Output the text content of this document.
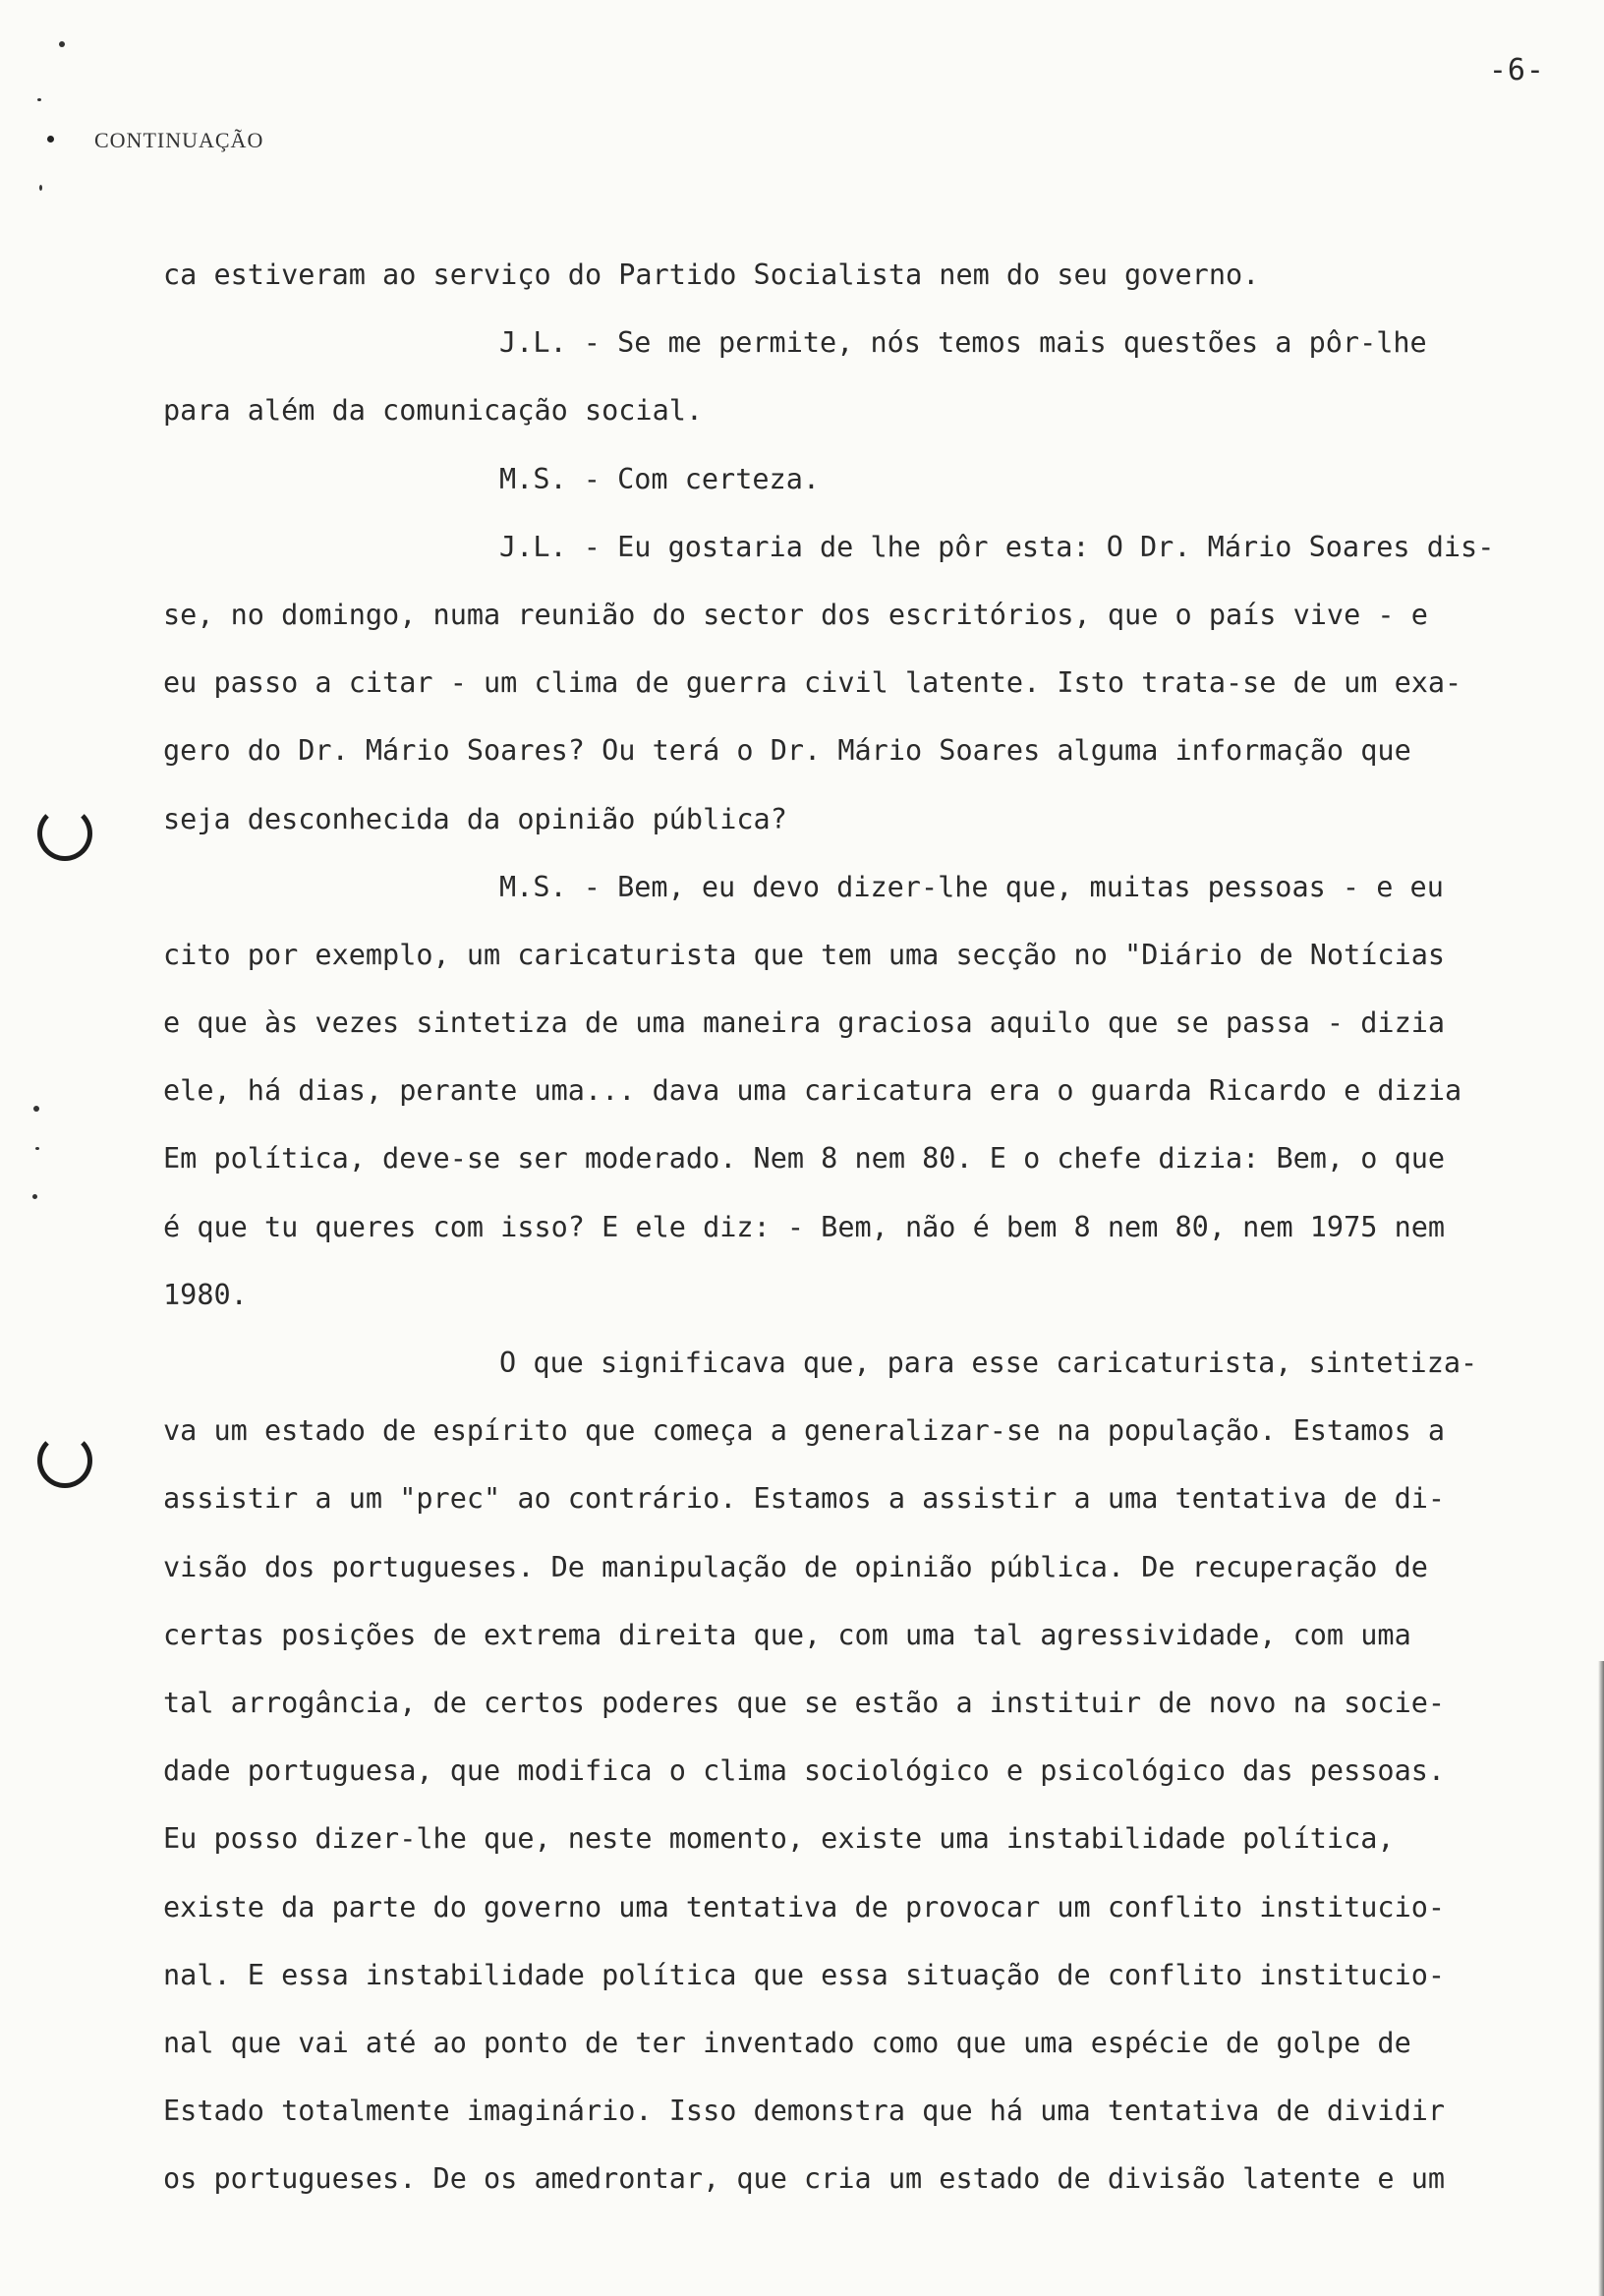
-6-
CONTINUAÇÃO
ca estiveram ao serviço do Partido Socialista nem do seu governo.
J.L. - Se me permite, nós temos mais questões a pôr-lhe
para além da comunicação social.
M.S. - Com certeza.
J.L. - Eu gostaria de lhe pôr esta: O Dr. Mário Soares dis-
se, no domingo, numa reunião do sector dos escritórios, que o país vive - e
eu passo a citar - um clima de guerra civil latente. Isto trata-se de um exa-
gero do Dr. Mário Soares? Ou terá o Dr. Mário Soares alguma informação que
seja desconhecida da opinião pública?
M.S. - Bem, eu devo dizer-lhe que, muitas pessoas - e eu
cito por exemplo, um caricaturista que tem uma secção no "Diário de Notícias
e que às vezes sintetiza de uma maneira graciosa aquilo que se passa - dizia
ele, há dias, perante uma... dava uma caricatura era o guarda Ricardo e dizia
Em política, deve-se ser moderado. Nem 8 nem 80. E o chefe dizia: Bem, o que
é que tu queres com isso? E ele diz: - Bem, não é bem 8 nem 80, nem 1975 nem
1980.
O que significava que, para esse caricaturista, sintetiza-
va um estado de espírito que começa a generalizar-se na população. Estamos a
assistir a um "prec" ao contrário. Estamos a assistir a uma tentativa de di-
visão dos portugueses. De manipulação de opinião pública. De recuperação de
certas posições de extrema direita que, com uma tal agressividade, com uma
tal arrogância, de certos poderes que se estão a instituir de novo na socie-
dade portuguesa, que modifica o clima sociológico e psicológico das pessoas.
Eu posso dizer-lhe que, neste momento, existe uma instabilidade política,
existe da parte do governo uma tentativa de provocar um conflito institucio-
nal. E essa instabilidade política que essa situação de conflito institucio-
nal que vai até ao ponto de ter inventado como que uma espécie de golpe de
Estado totalmente imaginário. Isso demonstra que há uma tentativa de dividir
os portugueses. De os amedrontar, que cria um estado de divisão latente e um
